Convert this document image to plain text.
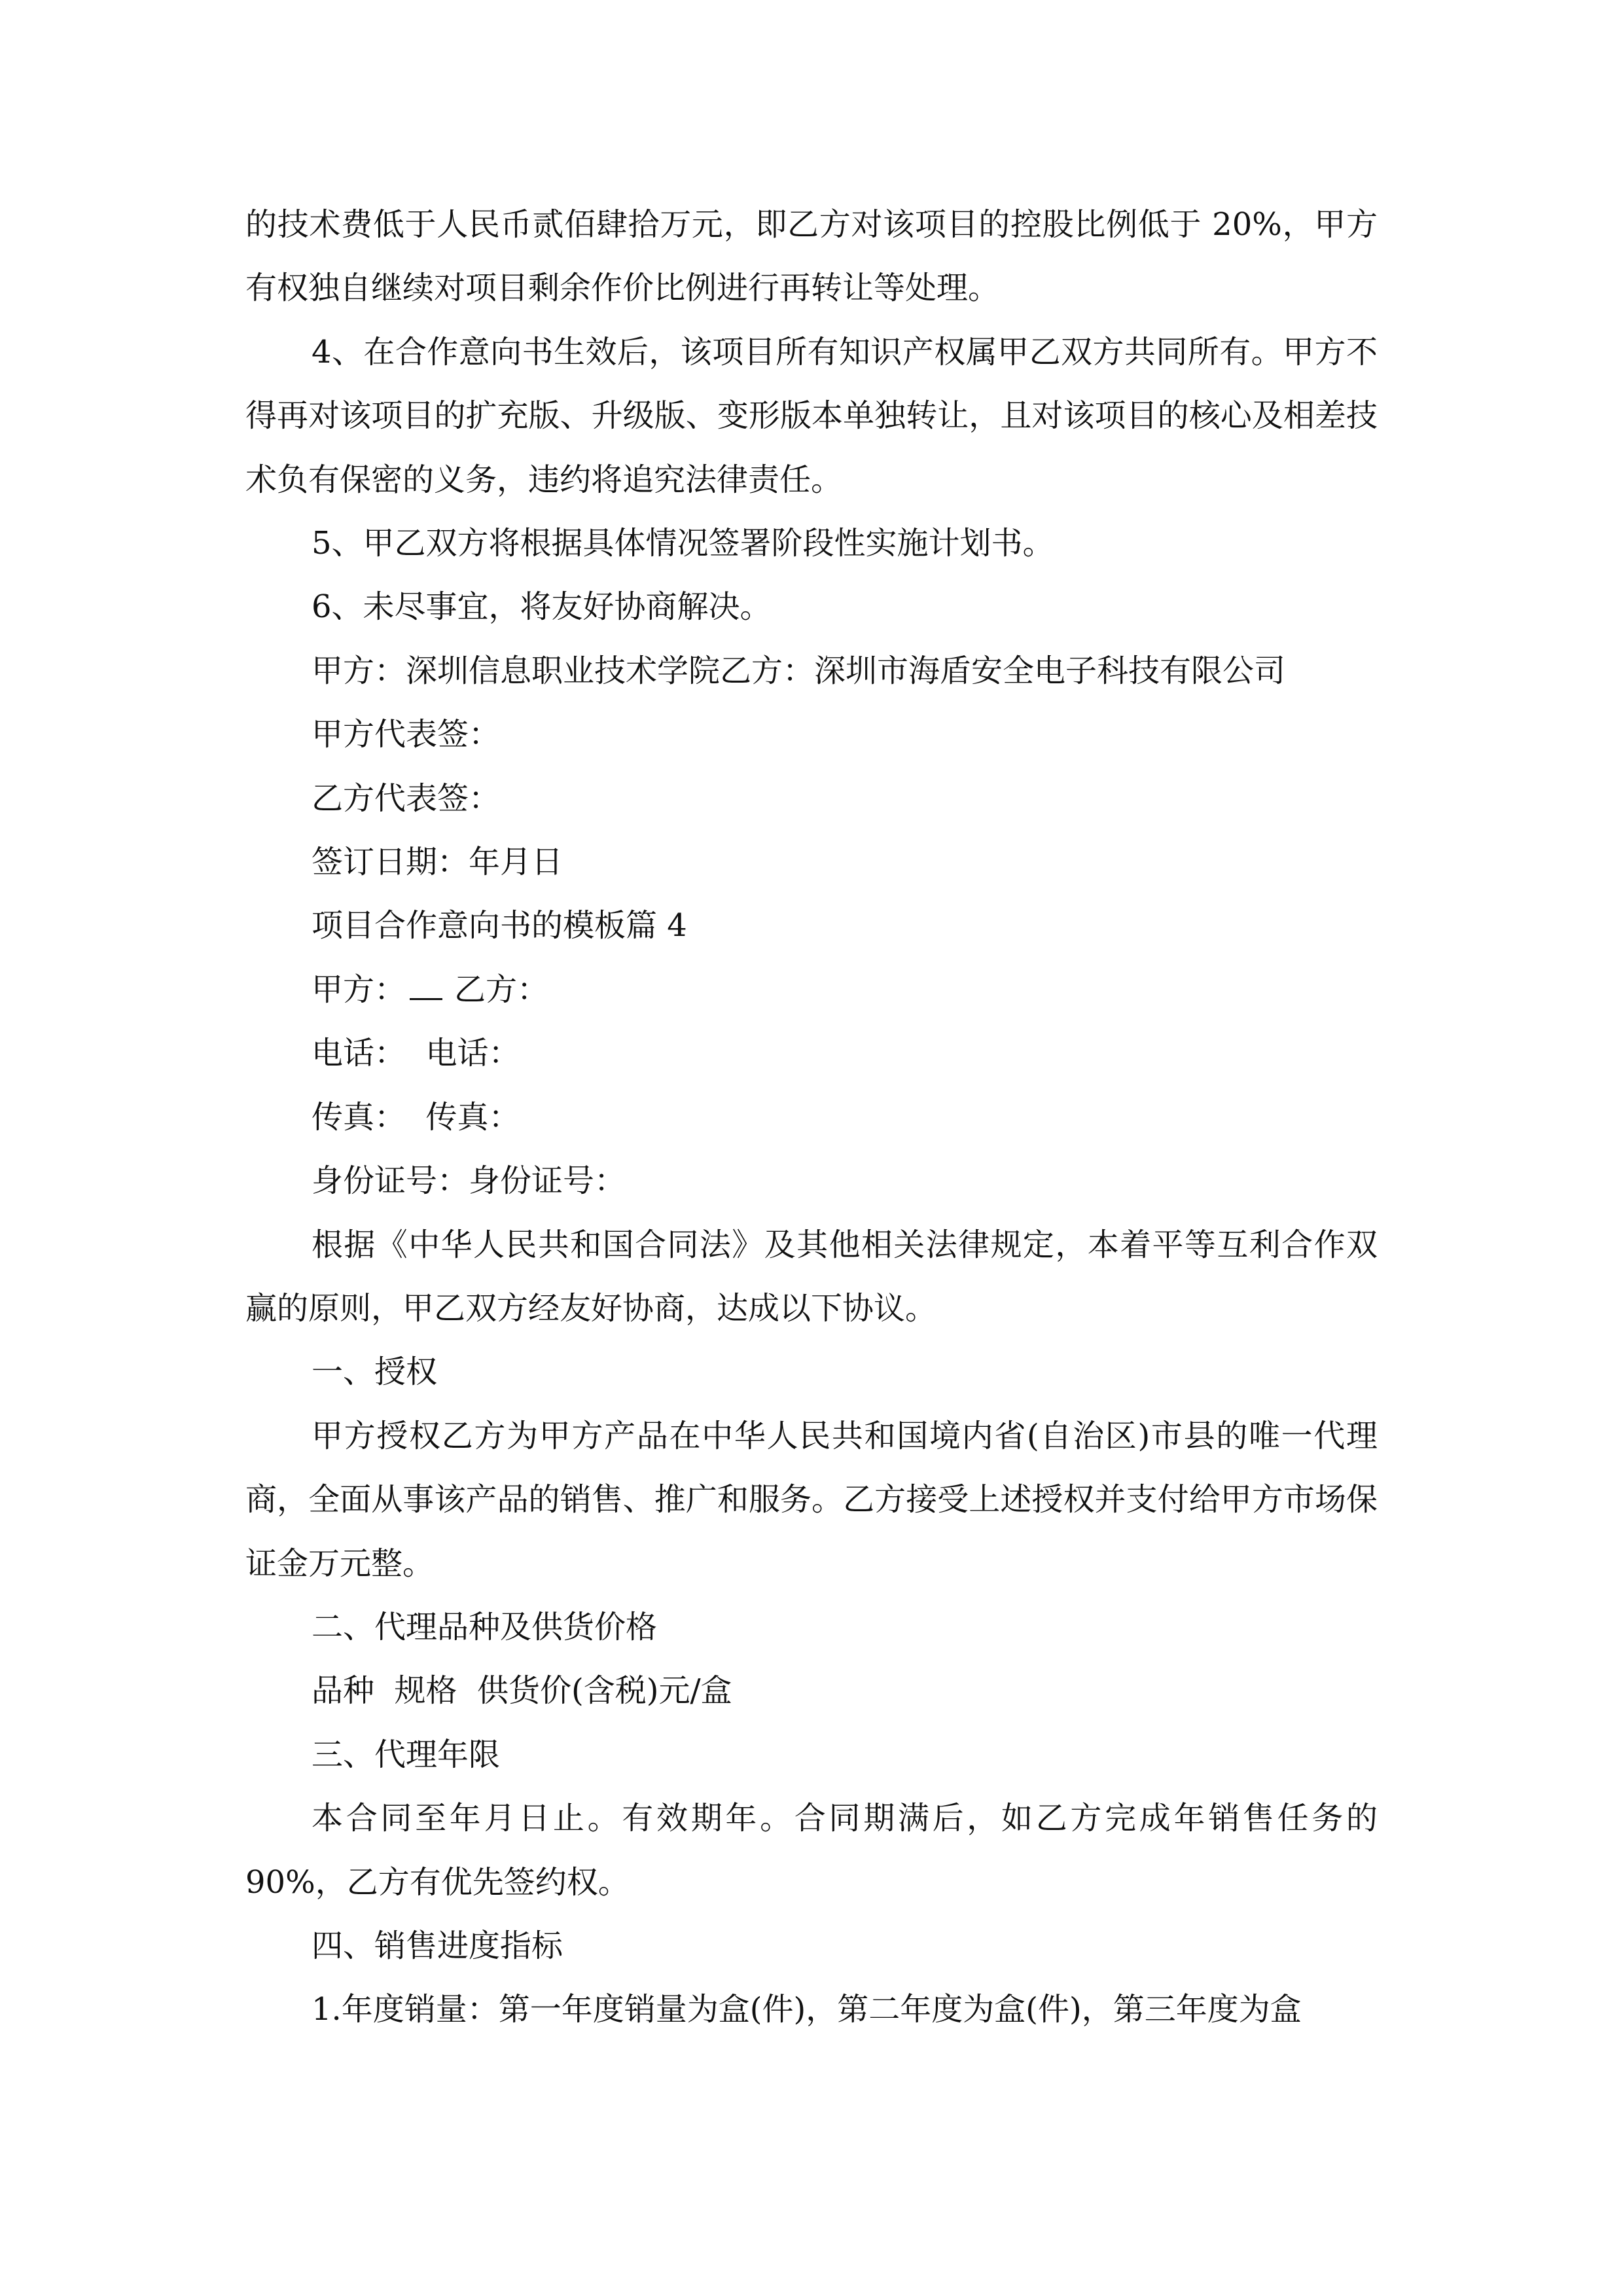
的技术费低于人民币贰佰肆拾万元，即乙方对该项目的控股比例低于 20%，甲方有权独自继续对项目剩余作价比例进行再转让等处理。

4、在合作意向书生效后，该项目所有知识产权属甲乙双方共同所有。甲方不得再对该项目的扩充版、升级版、变形版本单独转让，且对该项目的核心及相差技术负有保密的义务，违约将追究法律责任。

5、甲乙双方将根据具体情况签署阶段性实施计划书。

6、未尽事宜，将友好协商解决。

甲方：深圳信息职业技术学院乙方：深圳市海盾安全电子科技有限公司

甲方代表签：

乙方代表签：

签订日期：年月日

项目合作意向书的模板篇 4

甲方： 乙方：

电话：  电话：

传真：  传真：

身份证号：身份证号：

根据《中华人民共和国合同法》及其他相关法律规定，本着平等互利合作双赢的原则，甲乙双方经友好协商，达成以下协议。

一、授权

甲方授权乙方为甲方产品在中华人民共和国境内省(自治区)市县的唯一代理商，全面从事该产品的销售、推广和服务。乙方接受上述授权并支付给甲方市场保证金万元整。

二、代理品种及供货价格

品种  规格  供货价(含税)元/盒

三、代理年限

本合同至年月日止。有效期年。合同期满后，如乙方完成年销售任务的 90%，乙方有优先签约权。

四、销售进度指标

1.年度销量：第一年度销量为盒(件)，第二年度为盒(件)，第三年度为盒
